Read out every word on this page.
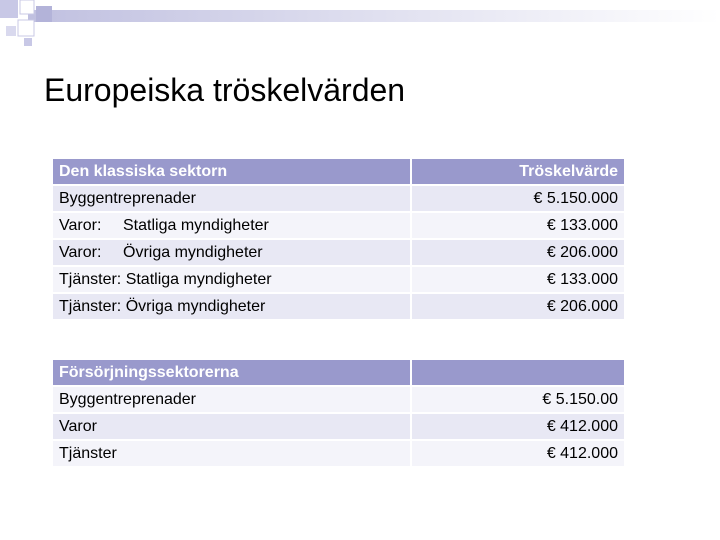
Europeiska tröskelvärden
Den klassiska sektorn	Tröskelvärde
Byggentreprenader	€ 5.150.000
Varor: Statliga myndigheter	€ 133.000
Varor: Övriga myndigheter	€ 206.000
Tjänster: Statliga myndigheter	€ 133.000
Tjänster: Övriga myndigheter	€ 206.000
Försörjningssektorerna	
Byggentreprenader	€ 5.150.00
Varor	€ 412.000
Tjänster	€ 412.000
